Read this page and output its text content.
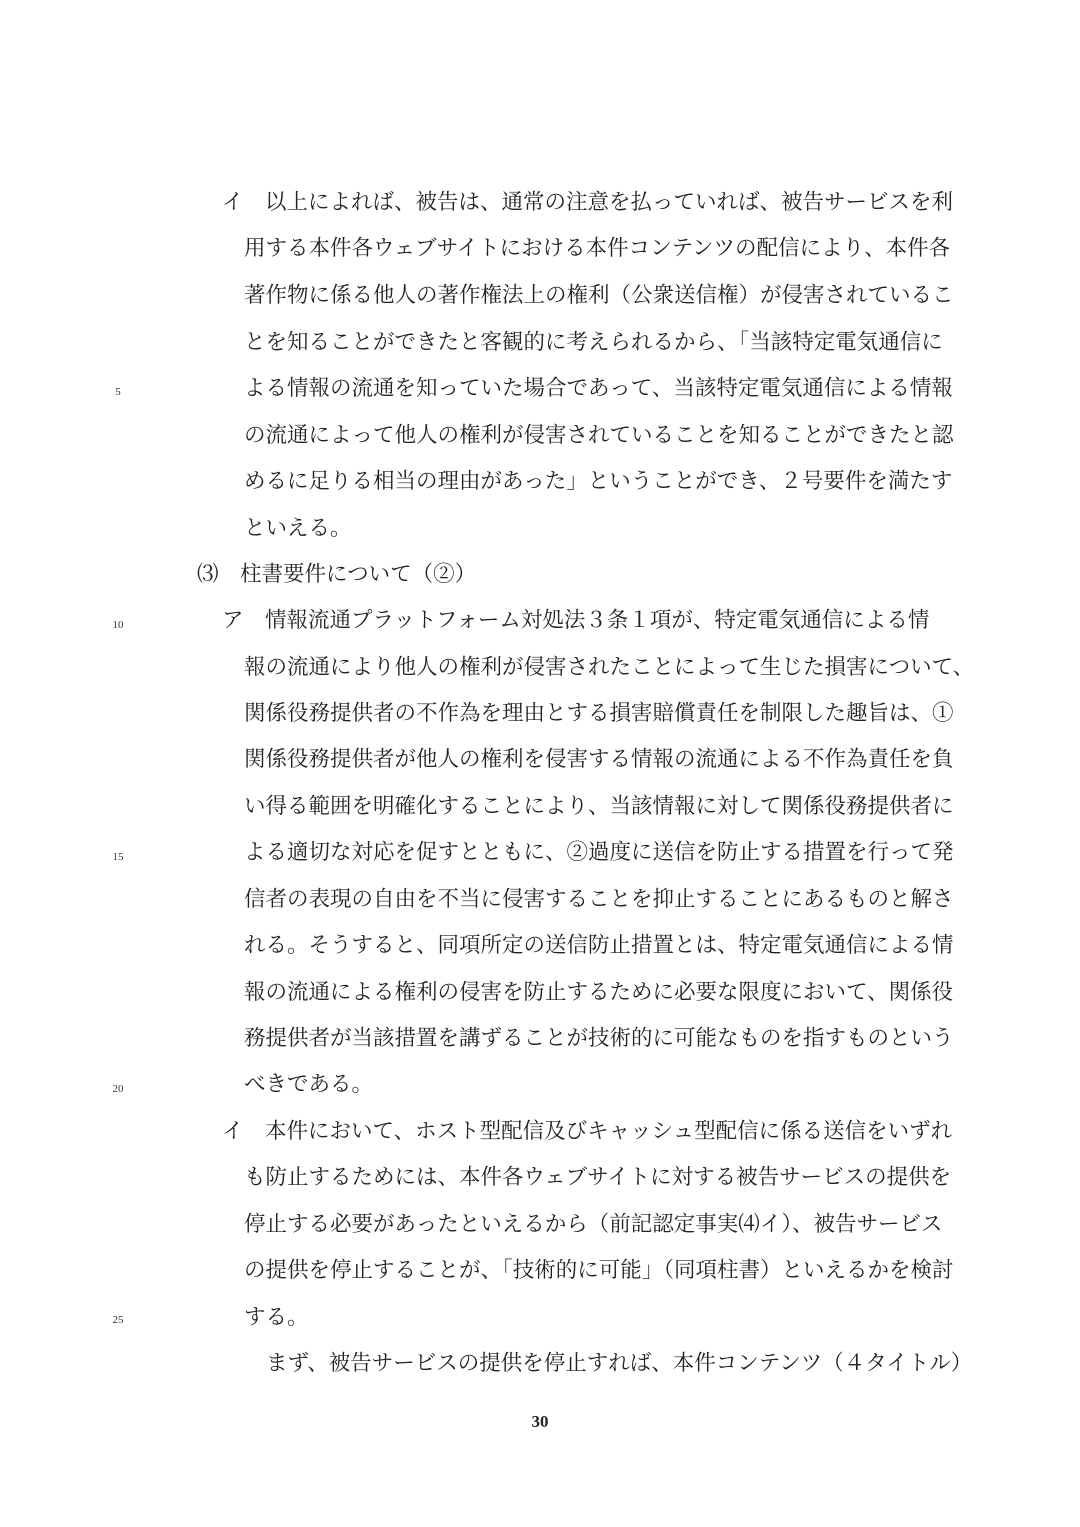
イ　以上によれば、被告は、通常の注意を払っていれば、被告サービスを利
用する本件各ウェブサイトにおける本件コンテンツの配信により、本件各
著作物に係る他人の著作権法上の権利（公衆送信権）が侵害されているこ
とを知ることができたと客観的に考えられるから、「当該特定電気通信に
よる情報の流通を知っていた場合であって、当該特定電気通信による情報
の流通によって他人の権利が侵害されていることを知ることができたと認
めるに足りる相当の理由があった」ということができ、２号要件を満たす
といえる。
⑶　柱書要件について（②）
ア　情報流通プラットフォーム対処法３条１項が、特定電気通信による情
報の流通により他人の権利が侵害されたことによって生じた損害について、
関係役務提供者の不作為を理由とする損害賠償責任を制限した趣旨は、①
関係役務提供者が他人の権利を侵害する情報の流通による不作為責任を負
い得る範囲を明確化することにより、当該情報に対して関係役務提供者に
よる適切な対応を促すとともに、②過度に送信を防止する措置を行って発
信者の表現の自由を不当に侵害することを抑止することにあるものと解さ
れる。そうすると、同項所定の送信防止措置とは、特定電気通信による情
報の流通による権利の侵害を防止するために必要な限度において、関係役
務提供者が当該措置を講ずることが技術的に可能なものを指すものという
べきである。
イ　本件において、ホスト型配信及びキャッシュ型配信に係る送信をいずれ
も防止するためには、本件各ウェブサイトに対する被告サービスの提供を
停止する必要があったといえるから（前記認定事実⑷イ）、被告サービス
の提供を停止することが、「技術的に可能」（同項柱書）といえるかを検討
する。
まず、被告サービスの提供を停止すれば、本件コンテンツ（４タイトル）
5
10
15
20
25
30
